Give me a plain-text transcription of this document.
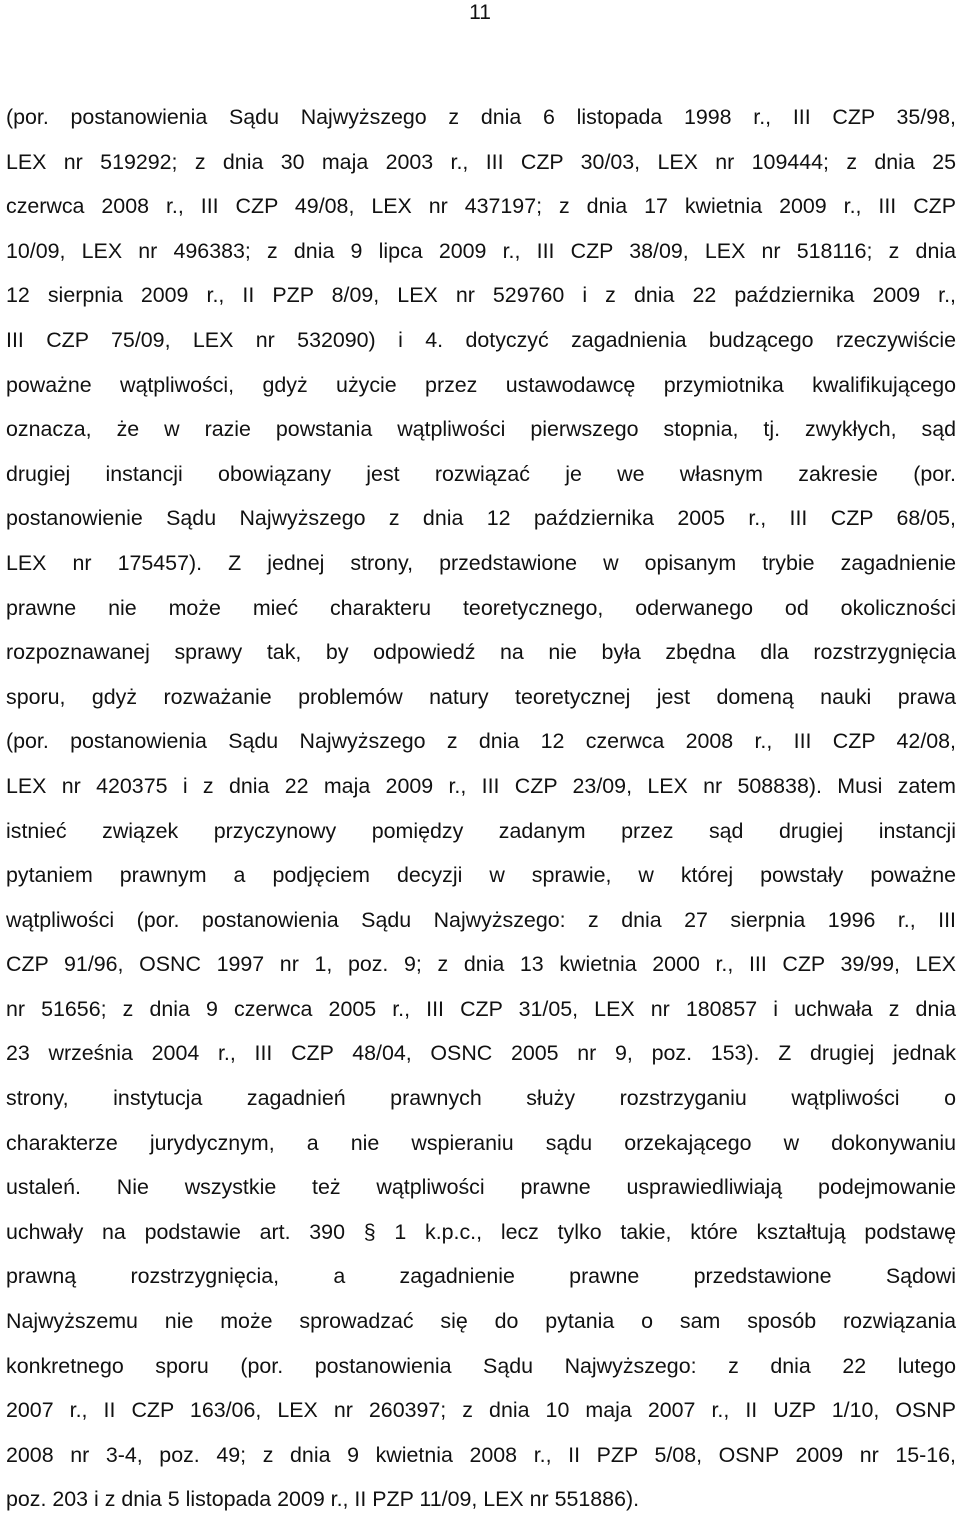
11
(por. postanowienia Sądu Najwyższego z dnia 6 listopada 1998 r., III CZP 35/98,
LEX nr 519292; z dnia 30 maja 2003 r., III CZP 30/03, LEX nr 109444; z dnia 25
czerwca 2008 r., III CZP 49/08, LEX nr 437197; z dnia 17 kwietnia 2009 r., III CZP
10/09, LEX nr 496383; z dnia 9 lipca 2009 r., III CZP 38/09, LEX nr 518116; z dnia
12 sierpnia 2009 r., II PZP 8/09, LEX nr 529760 i z dnia 22 października 2009 r.,
III CZP 75/09, LEX nr 532090) i 4. dotyczyć zagadnienia budzącego rzeczywiście
poważne wątpliwości, gdyż użycie przez ustawodawcę przymiotnika kwalifikującego
oznacza, że w razie powstania wątpliwości pierwszego stopnia, tj. zwykłych, sąd
drugiej instancji obowiązany jest rozwiązać je we własnym zakresie (por.
postanowienie Sądu Najwyższego z dnia 12 października 2005 r., III CZP 68/05,
LEX nr 175457). Z jednej strony, przedstawione w opisanym trybie zagadnienie
prawne nie może mieć charakteru teoretycznego, oderwanego od okoliczności
rozpoznawanej sprawy tak, by odpowiedź na nie była zbędna dla rozstrzygnięcia
sporu, gdyż rozważanie problemów natury teoretycznej jest domeną nauki prawa
(por. postanowienia Sądu Najwyższego z dnia 12 czerwca 2008 r., III CZP 42/08,
LEX nr 420375 i z dnia 22 maja 2009 r., III CZP 23/09, LEX nr 508838). Musi zatem
istnieć związek przyczynowy pomiędzy zadanym przez sąd drugiej instancji
pytaniem prawnym a podjęciem decyzji w sprawie, w której powstały poważne
wątpliwości (por. postanowienia Sądu Najwyższego: z dnia 27 sierpnia 1996 r., III
CZP 91/96, OSNC 1997 nr 1, poz. 9; z dnia 13 kwietnia 2000 r., III CZP 39/99, LEX
nr 51656; z dnia 9 czerwca 2005 r., III CZP 31/05, LEX nr 180857 i uchwała z dnia
23 września 2004 r., III CZP 48/04, OSNC 2005 nr 9, poz. 153). Z drugiej jednak
strony, instytucja zagadnień prawnych służy rozstrzyganiu wątpliwości o
charakterze jurydycznym, a nie wspieraniu sądu orzekającego w dokonywaniu
ustaleń. Nie wszystkie też wątpliwości prawne usprawiedliwiają podejmowanie
uchwały na podstawie art. 390 § 1 k.p.c., lecz tylko takie, które kształtują podstawę
prawną rozstrzygnięcia, a zagadnienie prawne przedstawione Sądowi
Najwyższemu nie może sprowadzać się do pytania o sam sposób rozwiązania
konkretnego sporu (por. postanowienia Sądu Najwyższego: z dnia 22 lutego
2007 r., II CZP 163/06, LEX nr 260397; z dnia 10 maja 2007 r., II UZP 1/10, OSNP
2008 nr 3-4, poz. 49; z dnia 9 kwietnia 2008 r., II PZP 5/08, OSNP 2009 nr 15-16,
poz. 203 i z dnia 5 listopada 2009 r., II PZP 11/09, LEX nr 551886).
